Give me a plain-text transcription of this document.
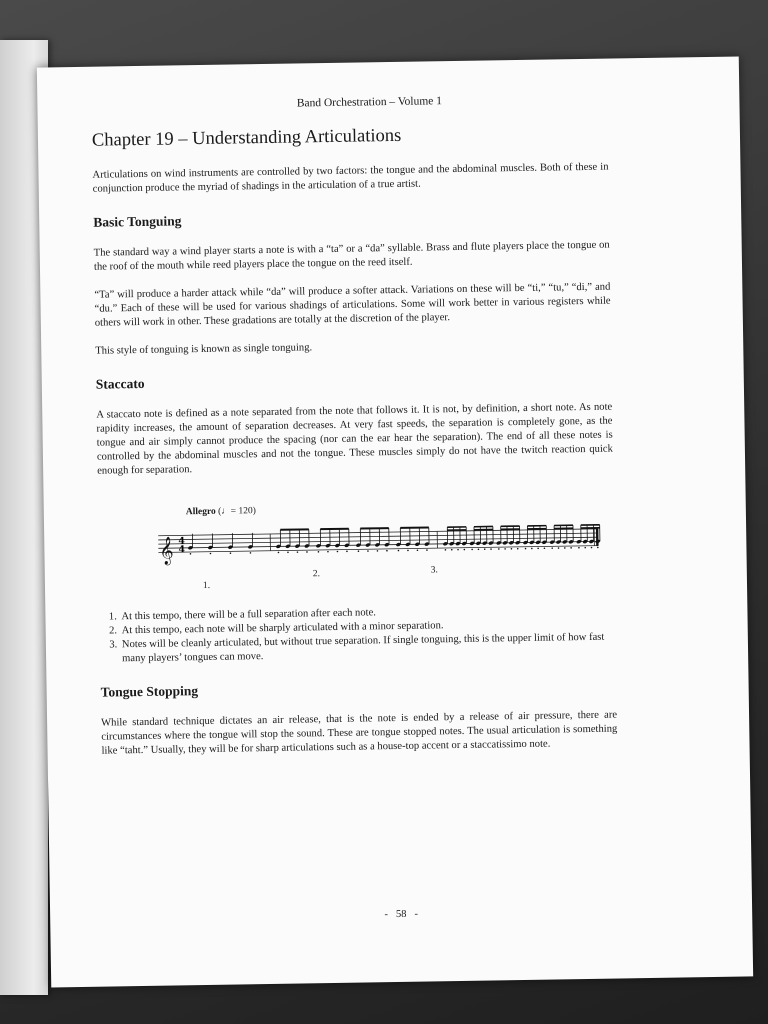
Band Orchestration – Volume 1
Chapter 19 – Understanding Articulations

Articulations on wind instruments are controlled by two factors: the tongue and the abdominal muscles. Both of these in conjunction produce the myriad of shadings in the articulation of a true artist.

Basic Tonguing

The standard way a wind player starts a note is with a “ta” or a “da” syllable. Brass and flute players place the tongue on the roof of the mouth while reed players place the tongue on the reed itself.

“Ta” will produce a harder attack while “da” will produce a softer attack. Variations on these will be “ti,” “tu,” “di,” and “du.” Each of these will be used for various shadings of articulations. Some will work better in various registers while others will work in other. These gradations are totally at the discretion of the player.

This style of tonguing is known as single tonguing.

Staccato

A staccato note is defined as a note separated from the note that follows it. It is not, by definition, a short note. As note rapidity increases, the amount of separation decreases. At very fast speeds, the separation is completely gone, as the tongue and air simply cannot produce the spacing (nor can the ear hear the separation). The end of all these notes is controlled by the abdominal muscles and not the tongue. These muscles simply do not have the twitch reaction quick enough for separation.

Allegro (♩= 120)
𝄞 4
4
1.
2.	3.
1. At this tempo, there will be a full separation after each note.
2. At this tempo, each note will be sharply articulated with a minor separation.
3. Notes will be cleanly articulated, but without true separation. If single tonguing, this is the upper limit of how fast many players’ tongues can move.
Tongue Stopping

While standard technique dictates an air release, that is the note is ended by a release of air pressure, there are circumstances where the tongue will stop the sound. These are tongue stopped notes. The usual articulation is something like “taht.” Usually, they will be for sharp articulations such as a house-top accent or a staccatissimo note.

- 58 -
